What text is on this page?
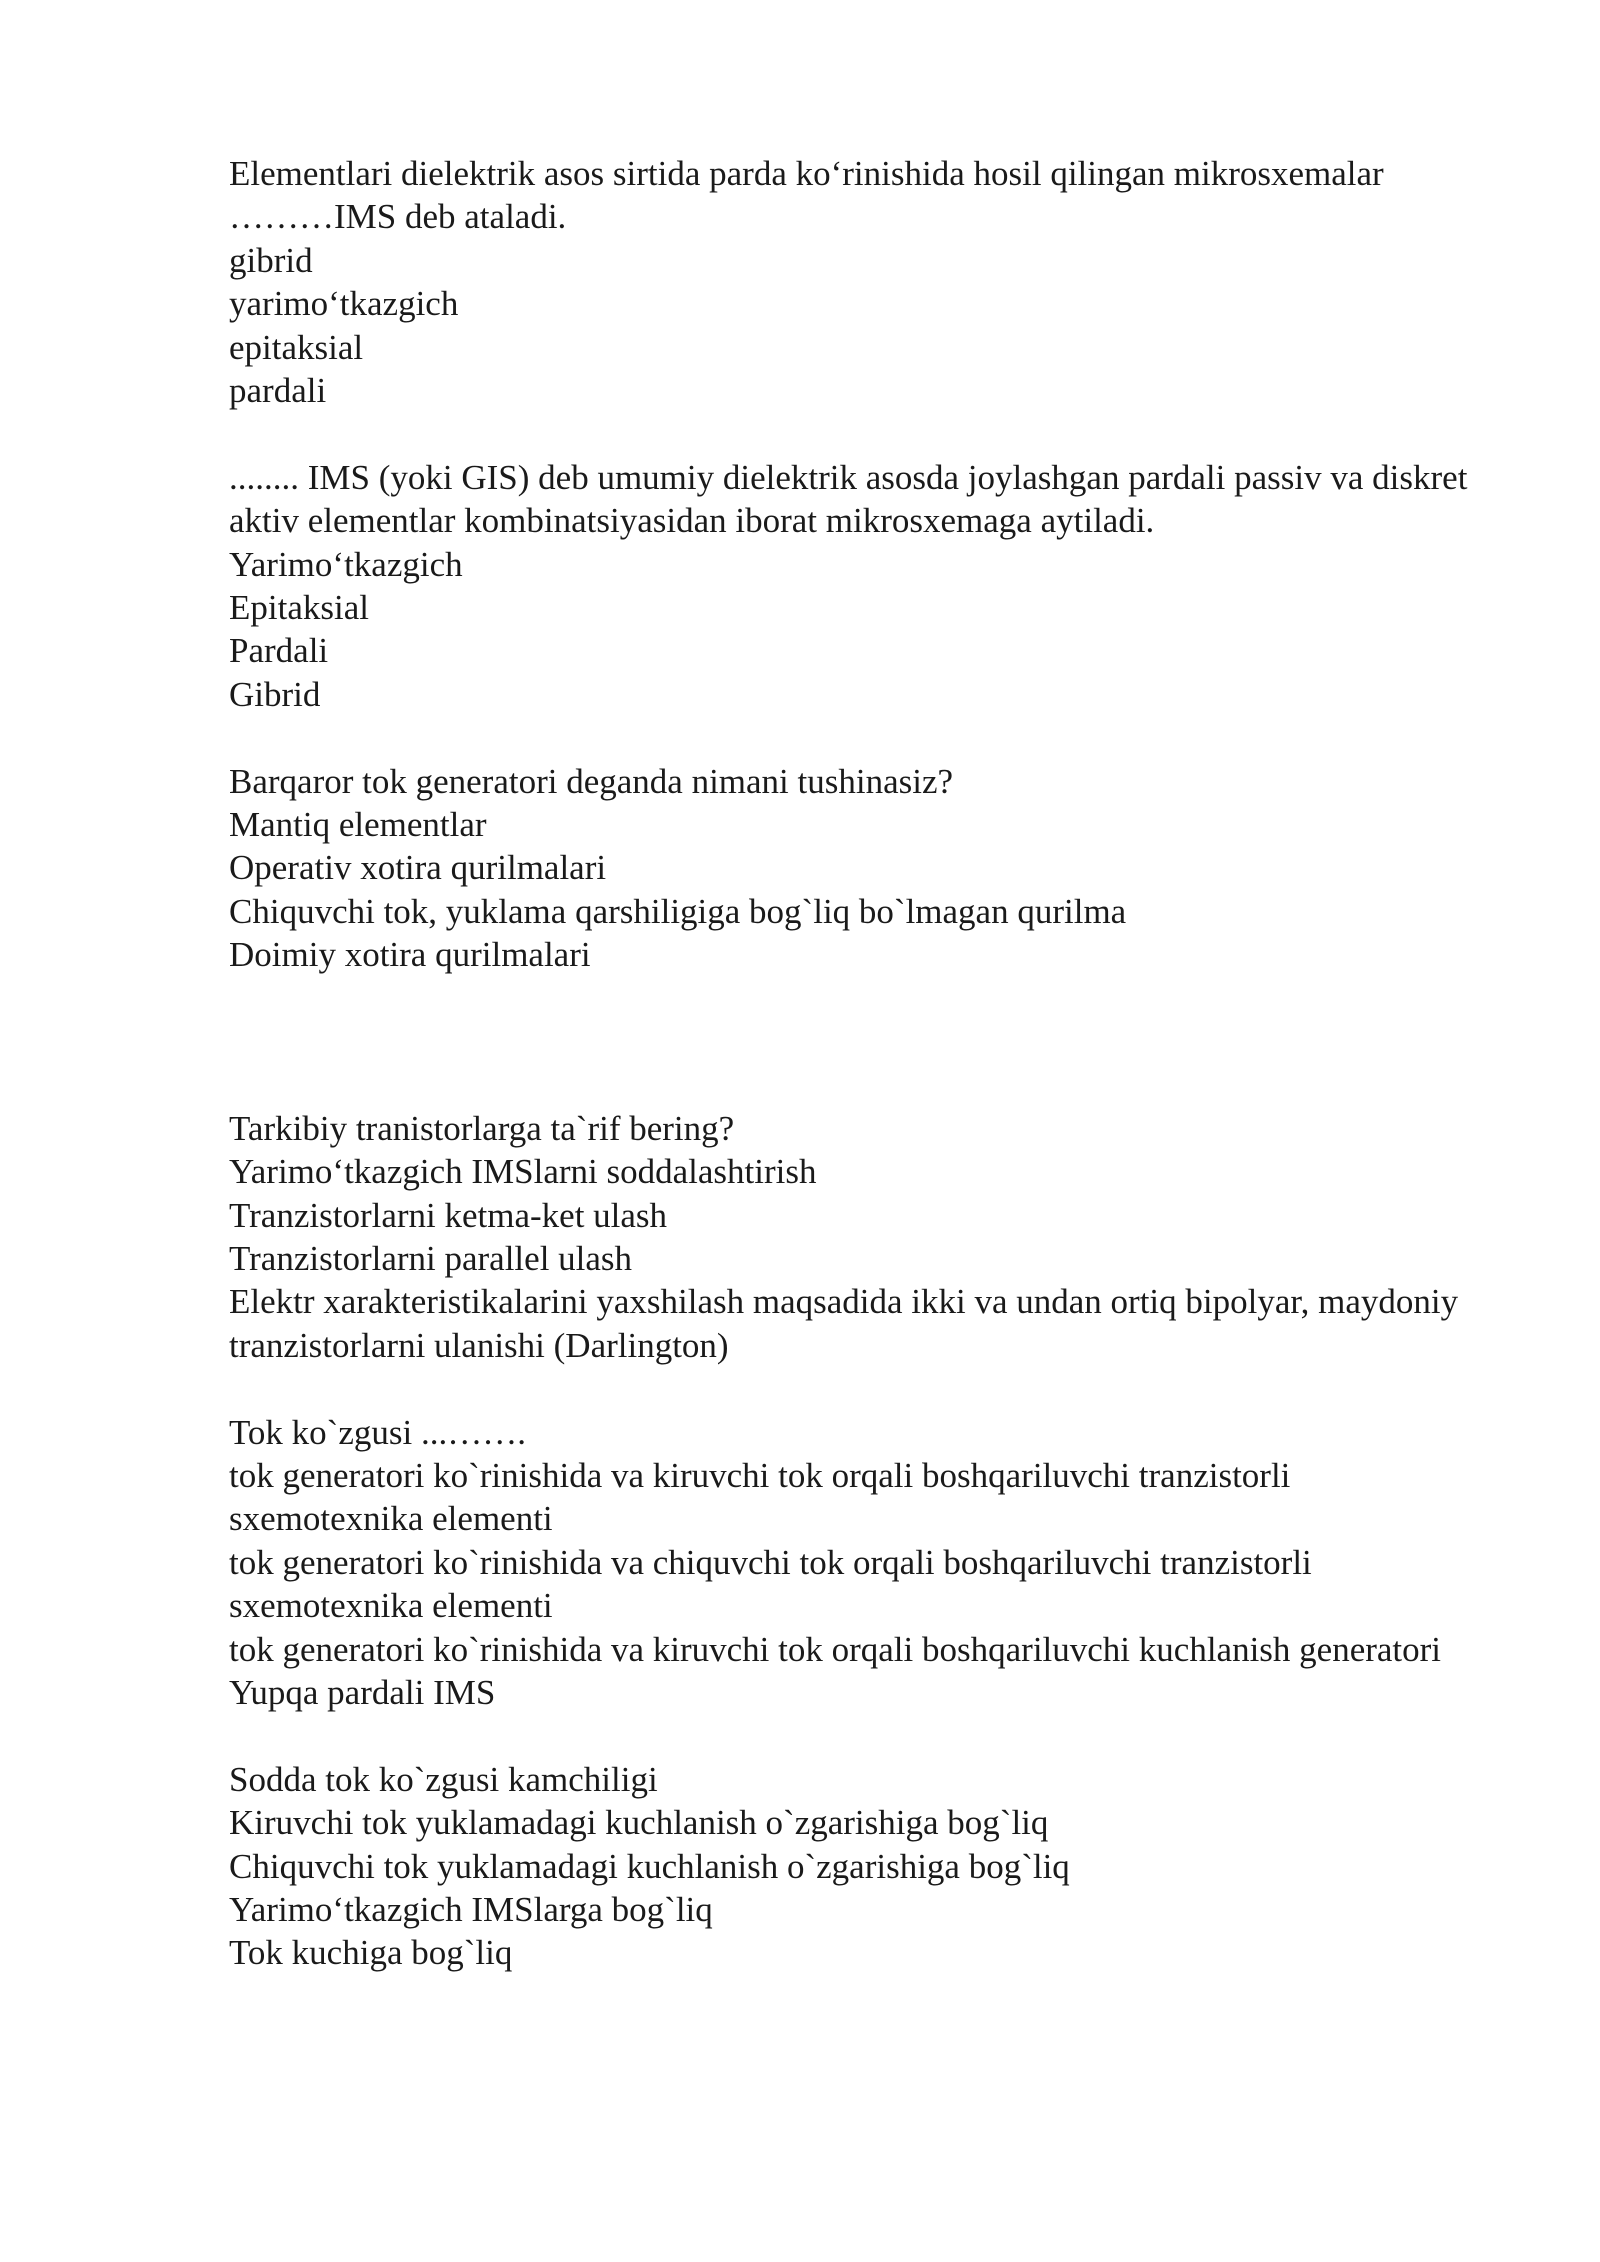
Elementlari dielektrik asos sirtida parda ko‘rinishida hosil qilingan mikrosxemalar ………IMS deb ataladi.
gibrid
yarimo‘tkazgich
epitaksial
pardali
........ IMS (yoki GIS) deb umumiy dielektrik asosda joylashgan pardali passiv va diskret aktiv elementlar kombinatsiyasidan iborat mikrosxemaga aytiladi.
Yarimo‘tkazgich
Epitaksial
Pardali
Gibrid
Barqaror tok generatori deganda nimani tushinasiz?
Mantiq elementlar
Operativ xotira qurilmalari
Chiquvchi tok, yuklama qarshiligiga bog`liq bo`lmagan qurilma
Doimiy xotira qurilmalari
Tarkibiy tranistorlarga ta`rif bering?
Yarimo‘tkazgich IMSlarni soddalashtirish
Tranzistorlarni ketma-ket ulash
Tranzistorlarni parallel ulash
Elektr xarakteristikalarini yaxshilash maqsadida ikki va undan ortiq bipolyar, maydoniy tranzistorlarni ulanishi (Darlington)
Tok ko`zgusi ...…….
tok generatori ko`rinishida va kiruvchi tok orqali boshqariluvchi tranzistorli sxemotexnika elementi
tok generatori ko`rinishida va chiquvchi tok orqali boshqariluvchi tranzistorli sxemotexnika elementi
tok generatori ko`rinishida va kiruvchi tok orqali boshqariluvchi kuchlanish generatori
Yupqa pardali IMS
Sodda tok ko`zgusi kamchiligi
Kiruvchi tok yuklamadagi kuchlanish o`zgarishiga bog`liq
Chiquvchi tok yuklamadagi kuchlanish o`zgarishiga bog`liq
Yarimo‘tkazgich IMSlarga bog`liq
Tok kuchiga bog`liq
